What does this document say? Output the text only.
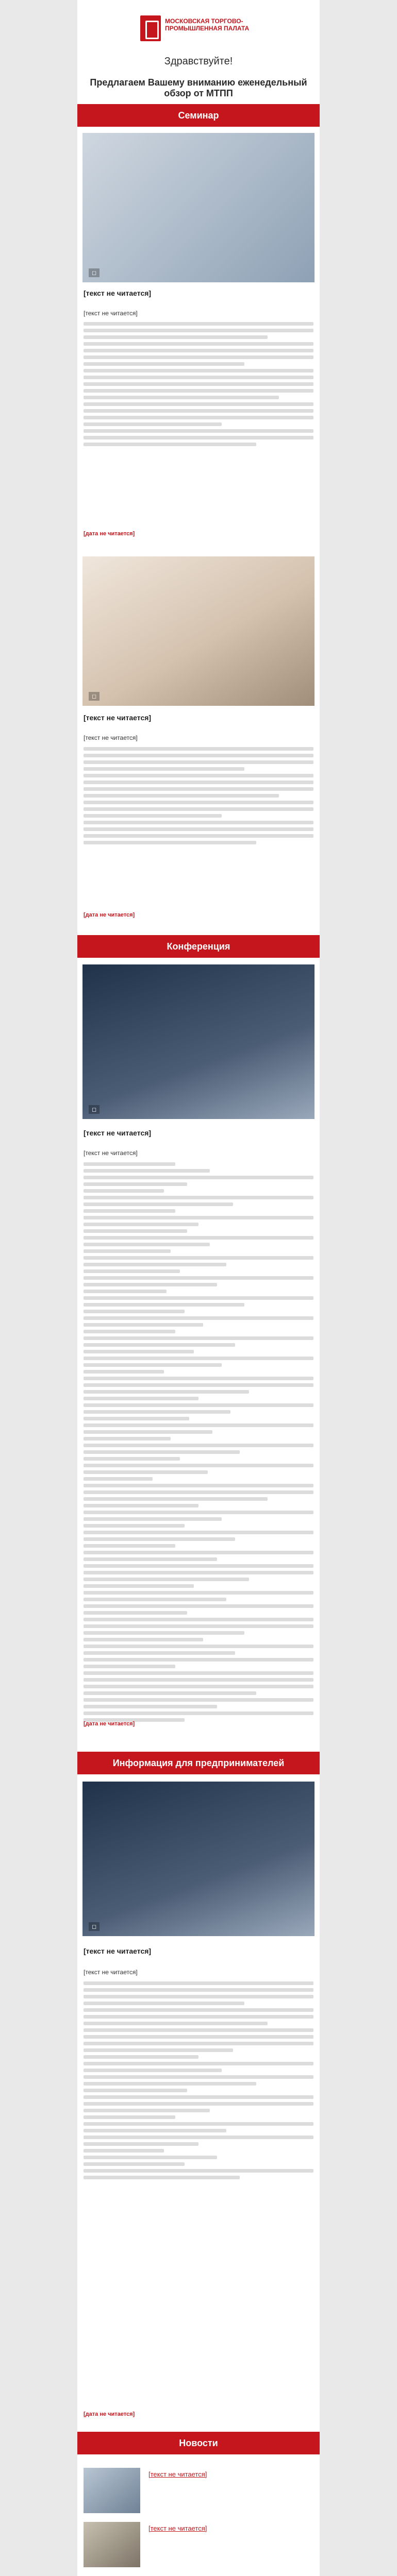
МОСКОВСКАЯ ТОРГОВО-ПРОМЫШЛЕННАЯ ПАЛАТА
Здравствуйте!
Предлагаем Вашему вниманию еженедельный обзор от МТПП
Семинар
◻
[текст не читается]
[текст не читается]
[дата не читается]
◻
[текст не читается]
[текст не читается]
[дата не читается]
Конференция
◻
[текст не читается]
[текст не читается]
[дата не читается]
Информация для предпринимателей
◻
[текст не читается]
[текст не читается]
[дата не читается]
Новости
[текст не читается]
[текст не читается]
